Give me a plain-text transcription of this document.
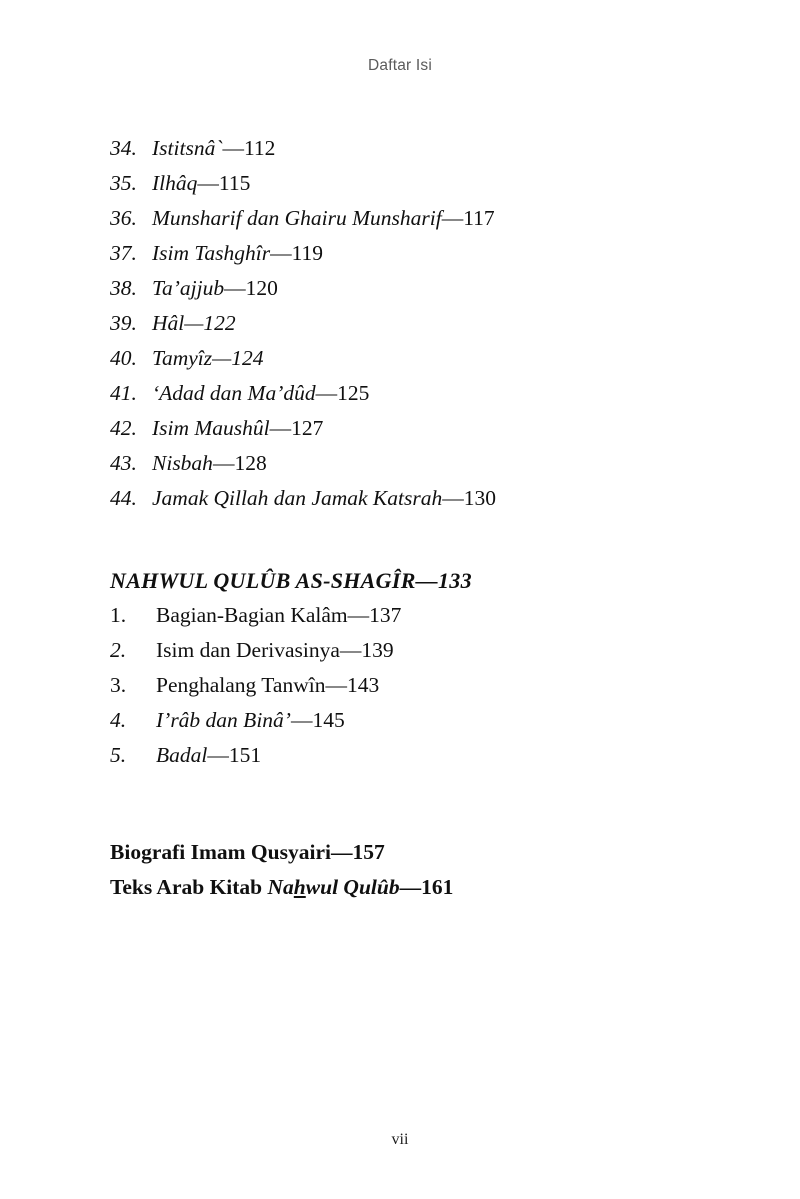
Daftar Isi
34. Istitsnâ`—112
35. Ilhâq—115
36. Munsharif dan Ghairu Munsharif—117
37. Isim Tashghîr—119
38. Ta’ajjub—120
39. Hâl—122
40. Tamyîz—124
41. ‘Adad dan Ma’dûd—125
42. Isim Maushûl—127
43. Nisbah—128
44. Jamak Qillah dan Jamak Katsrah—130
NAHWUL QULÛB AS-SHAGÎR—133
1.	Bagian-Bagian Kalâm—137
2.	Isim dan Derivasinya—139
3.	Penghalang Tanwîn—143
4.	I’râb dan Binâ’—145
5.	Badal—151
Biografi Imam Qusyairi—157
Teks Arab Kitab Nahwul Qulûb—161
vii
